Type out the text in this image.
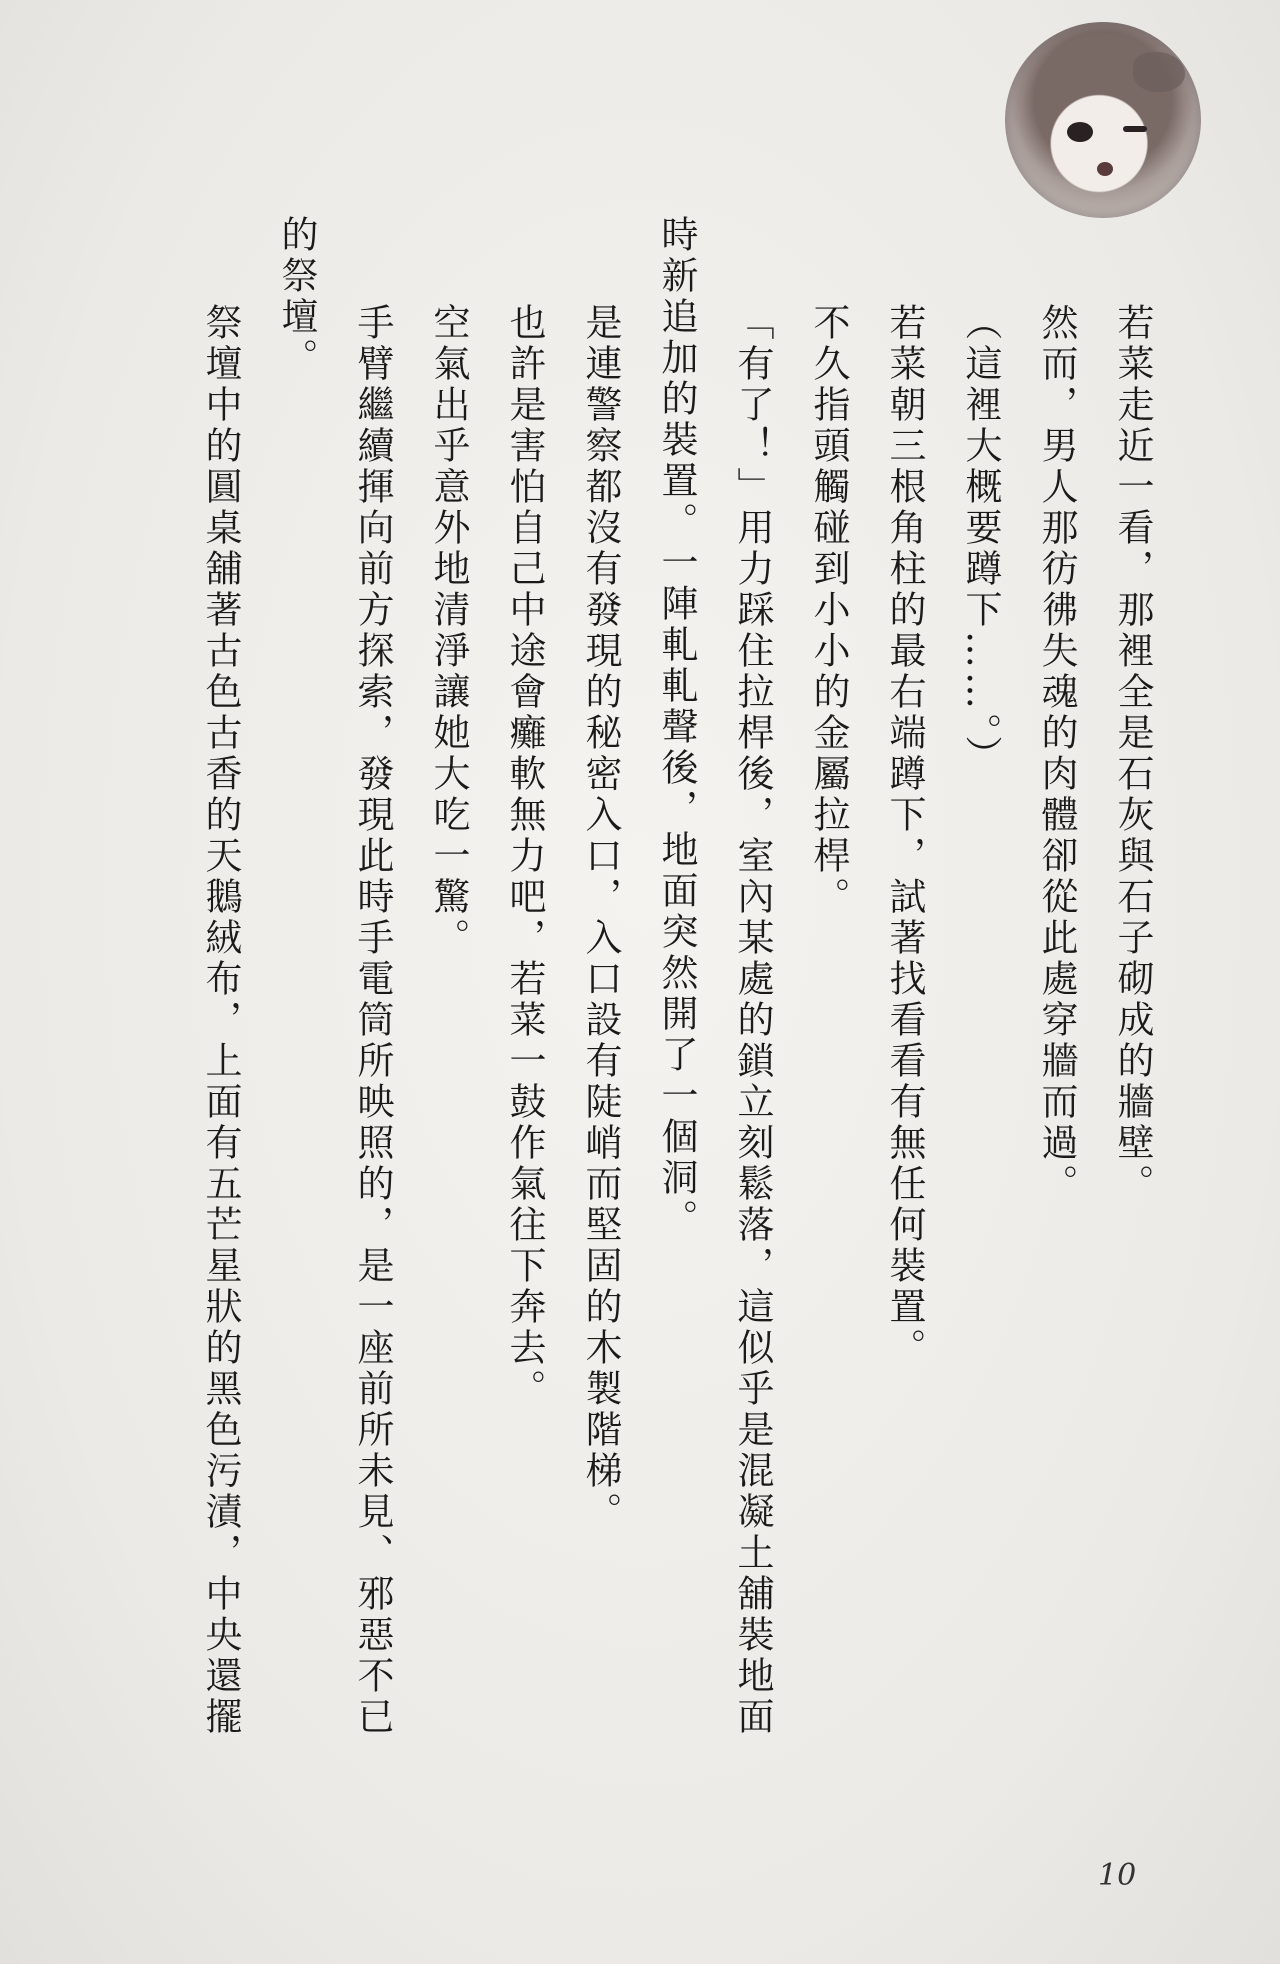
若菜走近一看，那裡全是石灰與石子砌成的牆壁。
然而，男人那彷彿失魂的肉體卻從此處穿牆而過。
（這裡大概要蹲下……。）
若菜朝三根角柱的最右端蹲下，試著找看看有無任何裝置。
不久指頭觸碰到小小的金屬拉桿。
「有了！」用力踩住拉桿後，室內某處的鎖立刻鬆落，這似乎是混凝土舖裝地面
時新追加的裝置。一陣軋軋聲後，地面突然開了一個洞。
是連警察都沒有發現的秘密入口，入口設有陡峭而堅固的木製階梯。
也許是害怕自己中途會癱軟無力吧，若菜一鼓作氣往下奔去。
空氣出乎意外地清淨讓她大吃一驚。
手臂繼續揮向前方探索，發現此時手電筒所映照的，是一座前所未見、邪惡不已
的祭壇。
祭壇中的圓桌舖著古色古香的天鵝絨布，上面有五芒星狀的黑色污漬，中央還擺
10
